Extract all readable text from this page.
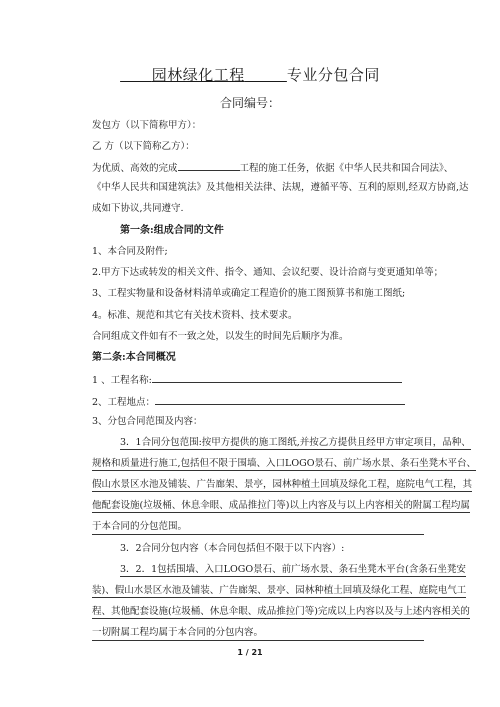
园林绿化工程	专业分包合同
合同编号：
发包方（以下简称甲方）：
乙 方（以下简称乙方）：
为优质、高效的完成	工程的施工任务，依据《中华人民共和国合同法》、
《中华人民共和国建筑法》及其他相关法律、法规，遵循平等、互利的原则,经双方协商,达
成如下协议,共同遵守.
第一条:组成合同的文件
1、本合同及附件;
2.甲方下达或转发的相关文件、指令、通知、会议纪要、设计洽商与变更通知单等；
3、工程实物量和设备材料清单或确定工程造价的施工图预算书和施工图纸;
4。标准、规范和其它有关技术资料、技术要求。
合同组成文件如有不一致之处，以发生的时间先后顺序为准。
第二条:本合同概况
1 、工程名称:
2、工程地点：
3、分包合同范围及内容：
3．1合同分包范围:按甲方提供的施工图纸,并按乙方提供且经甲方审定项目，品种、
规格和质量进行施工,包括但不限于围墙、入口LOGO景石、前广场水景、条石坐凳木平台、
假山水景区水池及铺装、广告廊架、景亭，园林种植土回填及绿化工程，庭院电气工程，其
他配套设施(垃圾桶、休息伞眼、成品推拉门等)以上内容及与以上内容相关的附属工程均属
于本合同的分包范围。
3．2合同分包内容（本合同包括但不限于以下内容）:
3．2．1包括围墙、入口LOGO景石、前广场水景、条石坐凳木平台(含条石坐凳安
装)、假山水景区水池及铺装、广告廊架、景亭、园林种植土回填及绿化工程、庭院电气工
程、其他配套设施(垃圾桶、休息伞眼、成品推拉门等)完成以上内容以及与上述内容相关的
一切附属工程均属于本合同的分包内容。
1 / 21
